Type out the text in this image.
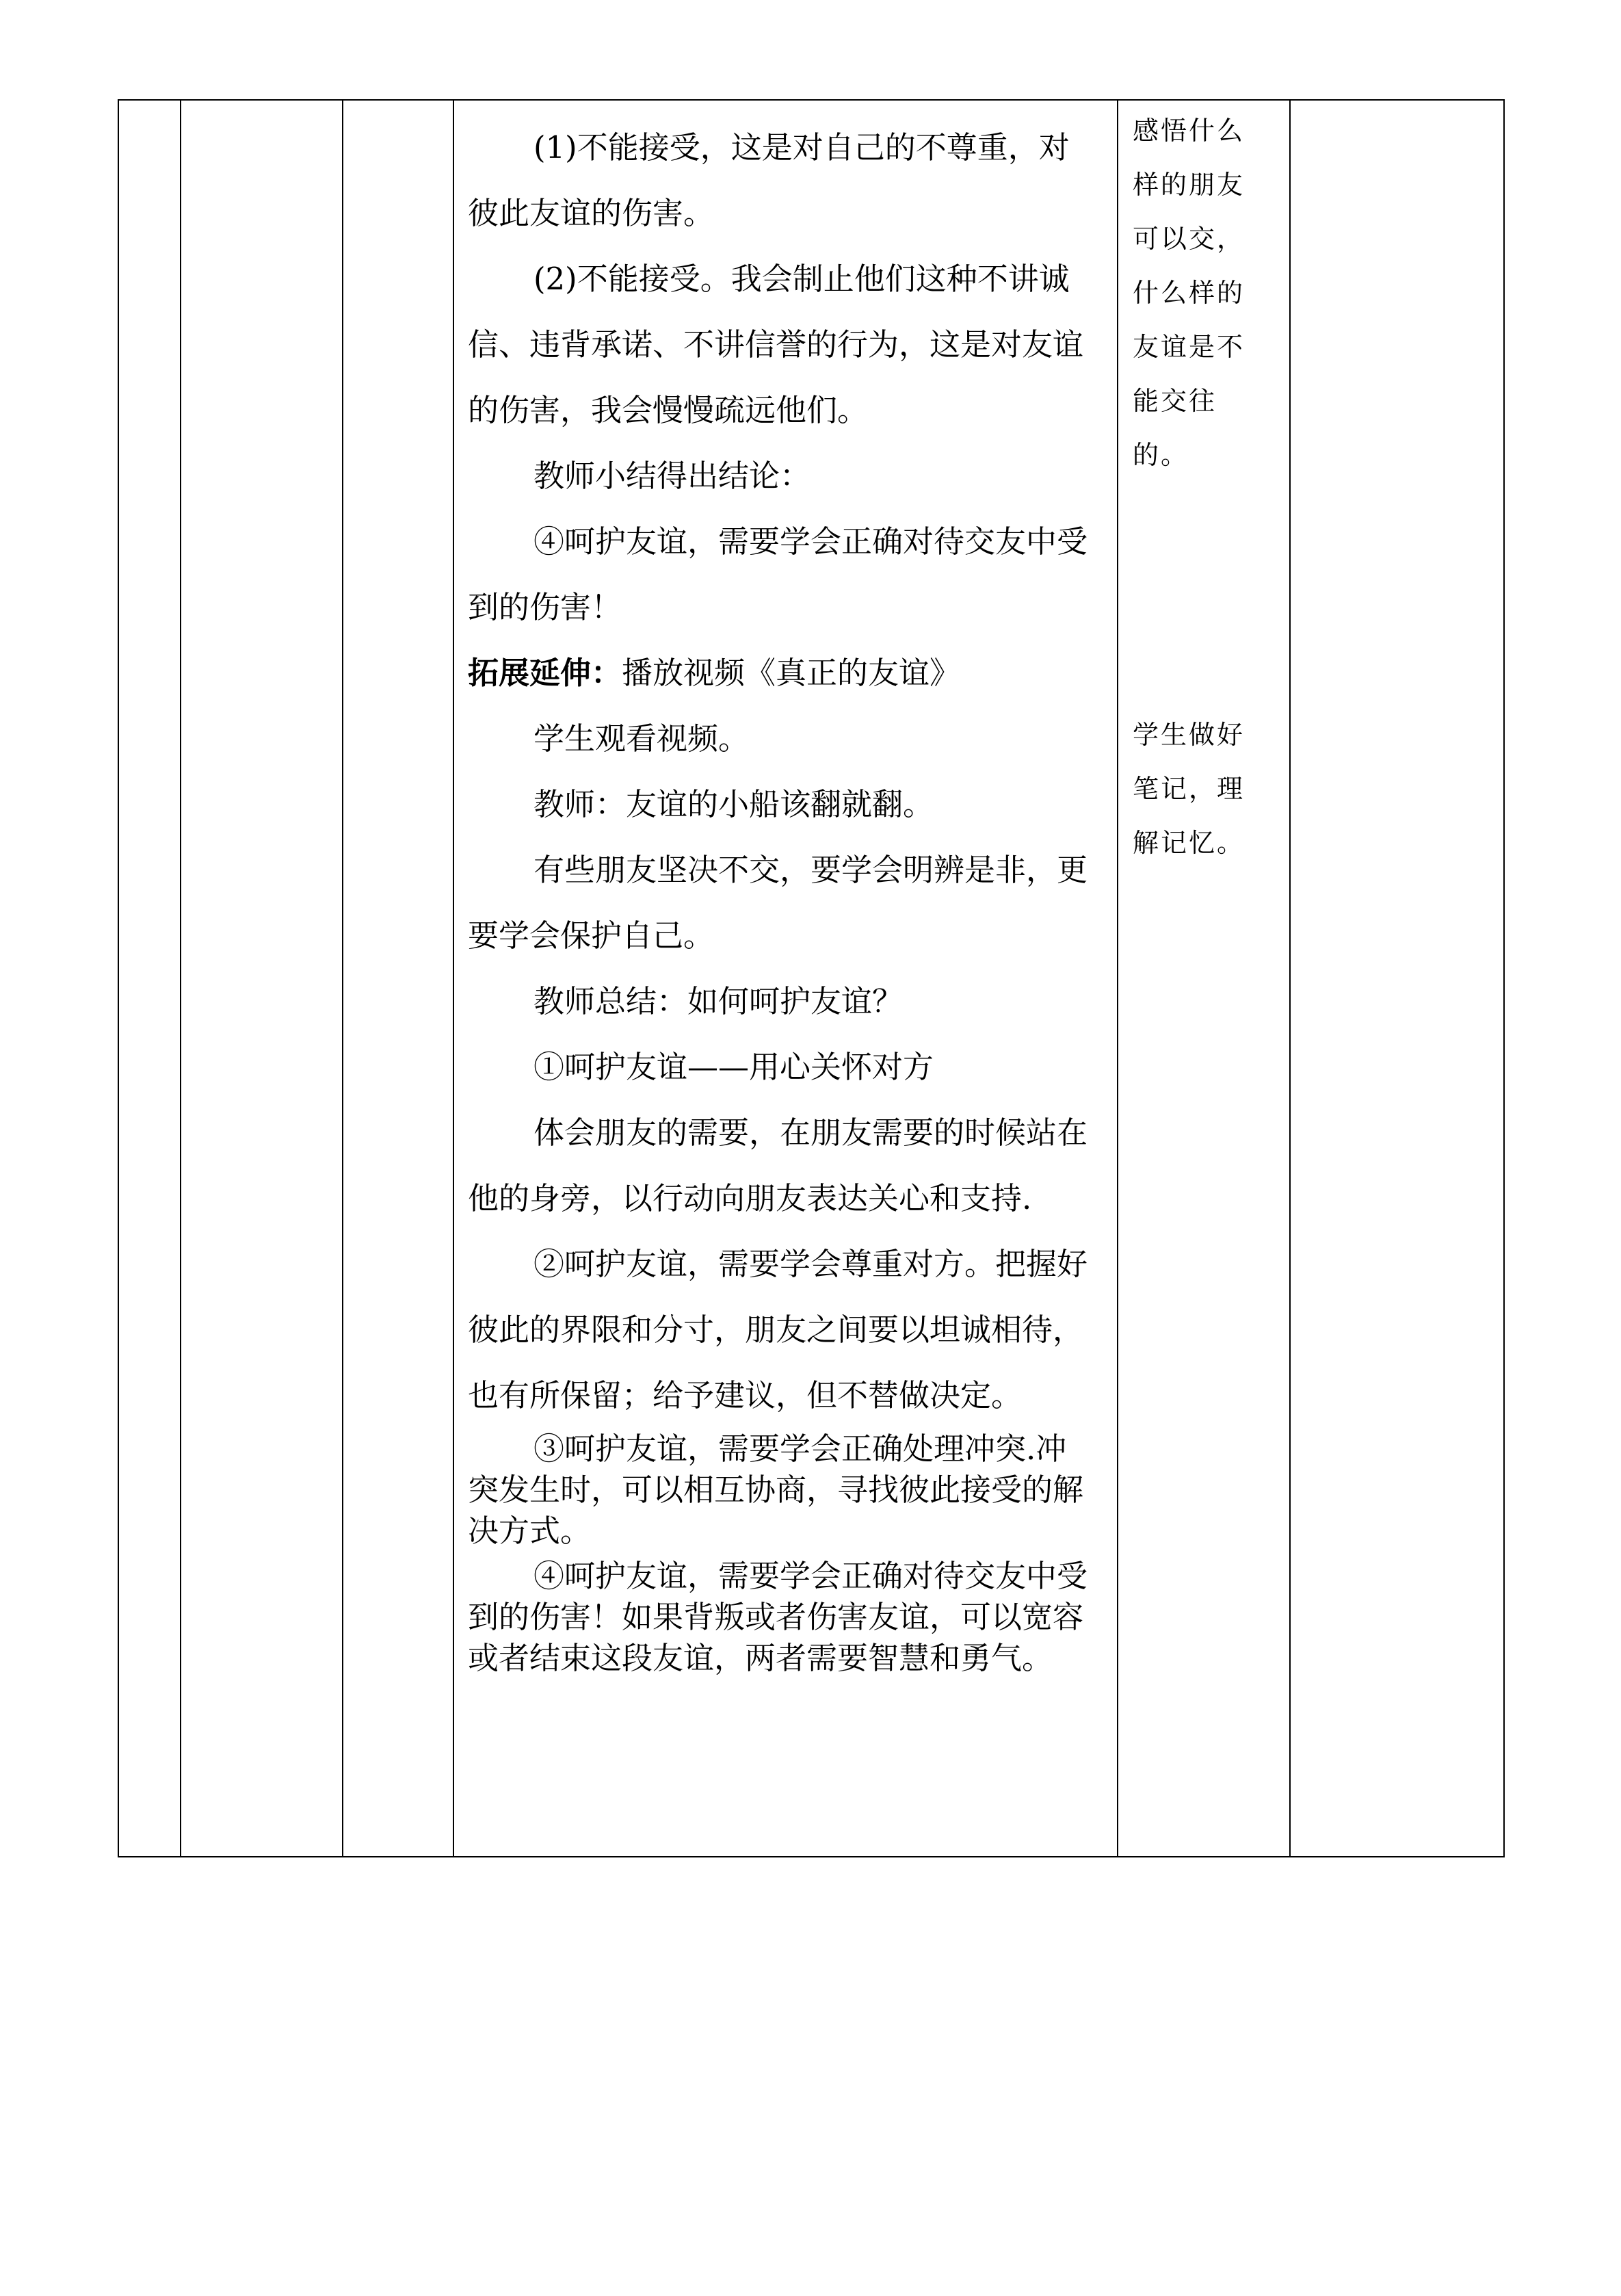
(1)不能接受，这是对自己的不尊重，对彼此友谊的伤害。

(2)不能接受。我会制止他们这种不讲诚信、违背承诺、不讲信誉的行为，这是对友谊的伤害，我会慢慢疏远他们。

教师小结得出结论：

④呵护友谊，需要学会正确对待交友中受到的伤害！

拓展延伸：播放视频《真正的友谊》

学生观看视频。

教师：友谊的小船该翻就翻。

有些朋友坚决不交，要学会明辨是非，更要学会保护自己。

教师总结：如何呵护友谊？

①呵护友谊——用心关怀对方

体会朋友的需要，在朋友需要的时候站在他的身旁，以行动向朋友表达关心和支持.

②呵护友谊，需要学会尊重对方。把握好彼此的界限和分寸，朋友之间要以坦诚相待，也有所保留；给予建议，但不替做决定。

③呵护友谊，需要学会正确处理冲突.冲突发生时，可以相互协商，寻找彼此接受的解决方式。

④呵护友谊，需要学会正确对待交友中受到的伤害！如果背叛或者伤害友谊，可以宽容或者结束这段友谊，两者需要智慧和勇气。

感悟什么样的朋友可以交，什么样的友谊是不能交往的。
学生做好笔记，理解记忆。
